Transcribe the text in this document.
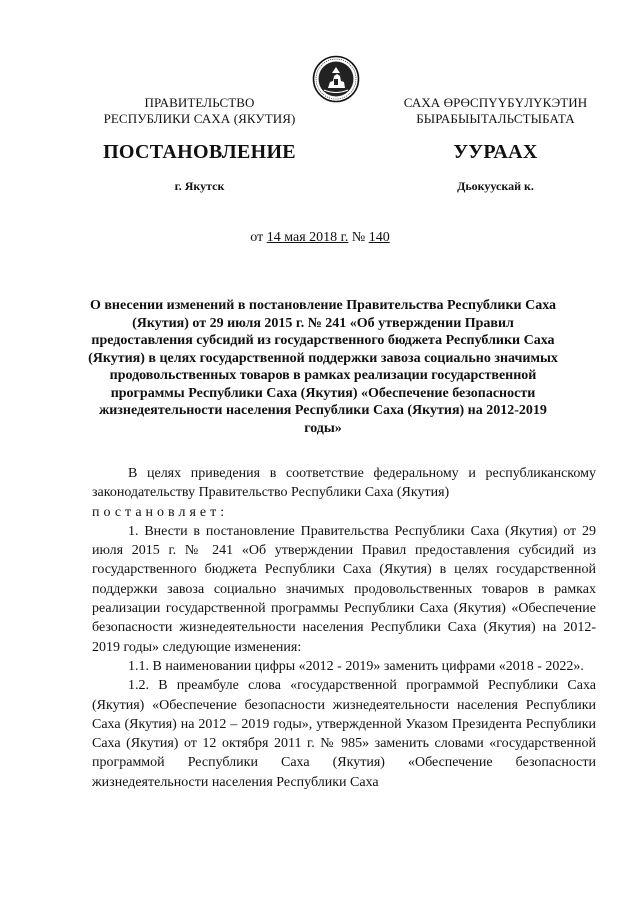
ПРАВИТЕЛЬСТВО
РЕСПУБЛИКИ САХА (ЯКУТИЯ)
САХА ӨРӨСПҮҮБҮЛҮКЭТИН
БЫРАБЫЫТАЛЬСТЫБАТА
ПОСТАНОВЛЕНИЕ	УУРААХ
г. Якутск	Дьокуускай к.
от 14 мая 2018 г. № 140
О внесении изменений в постановление Правительства Республики Саха (Якутия) от 29 июля 2015 г. № 241 «Об утверждении Правил предоставления субсидий из государственного бюджета Республики Саха (Якутия) в целях государственной поддержки завоза социально значимых продовольственных товаров в рамках реализации государственной программы Республики Саха (Якутия) «Обеспечение безопасности жизнедеятельности населения Республики Саха (Якутия) на 2012-2019 годы»

В целях приведения в соответствие федеральному и республиканскому законодательству Правительство Республики Саха (Якутия)

постановляет:

1. Внести в постановление Правительства Республики Саха (Якутия) от 29 июля 2015 г. № 241 «Об утверждении Правил предоставления субсидий из государственного бюджета Республики Саха (Якутия) в целях государственной поддержки завоза социально значимых продовольственных товаров в рамках реализации государственной программы Республики Саха (Якутия) «Обеспечение безопасности жизнедеятельности населения Республики Саха (Якутия) на 2012-2019 годы» следующие изменения:

1.1. В наименовании цифры «2012 - 2019» заменить цифрами «2018 - 2022».

1.2. В преамбуле слова «государственной программой Республики Саха (Якутия) «Обеспечение безопасности жизнедеятельности населения Республики Саха (Якутия) на 2012 – 2019 годы», утвержденной Указом Президента Республики Саха (Якутия) от 12 октября 2011 г. № 985» заменить словами «государственной программой Республики Саха (Якутия) «Обеспечение безопасности жизнедеятельности населения Республики Саха
